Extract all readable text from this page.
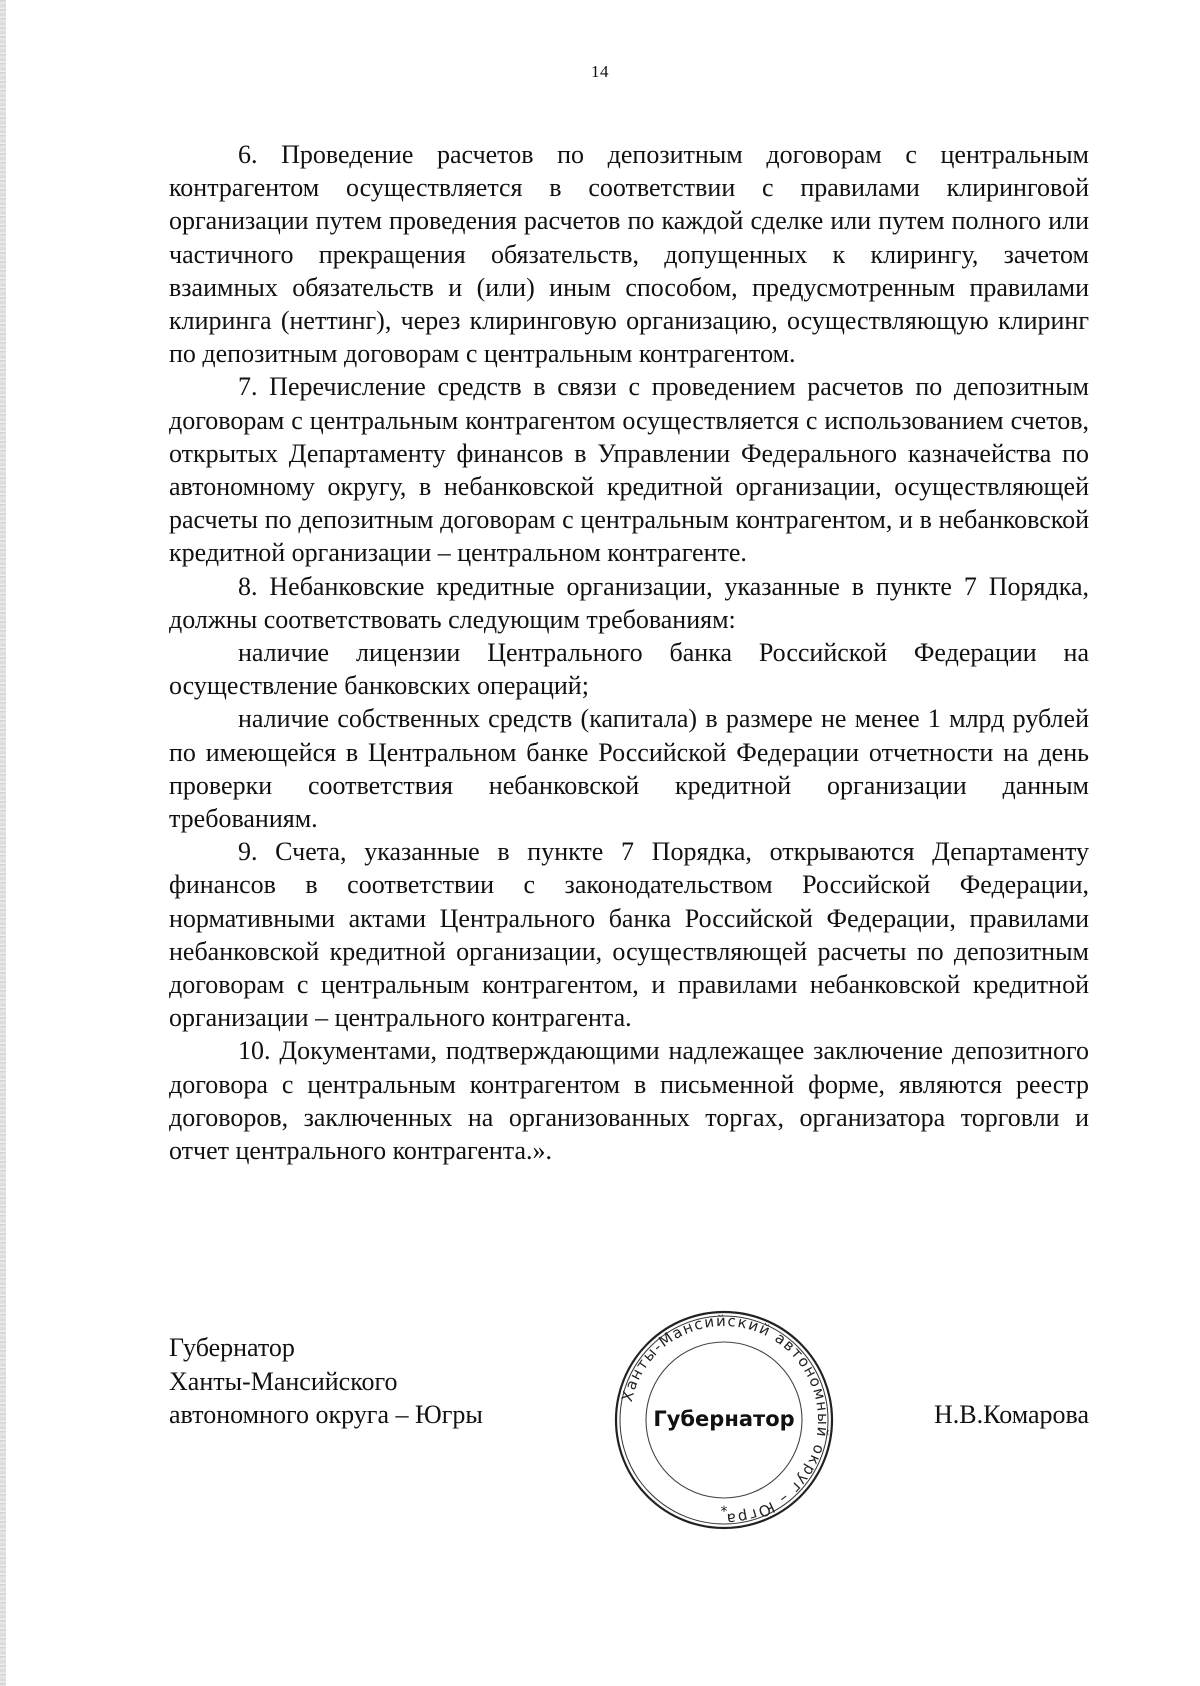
14

6. Проведение расчетов по депозитным договорам с центральным контрагентом осуществляется в соответствии с правилами клиринговой организации путем проведения расчетов по каждой сделке или путем полного или частичного прекращения обязательств, допущенных к клирингу, зачетом взаимных обязательств и (или) иным способом, предусмотренным правилами клиринга (неттинг), через клиринговую организацию, осуществляющую клиринг по депозитным договорам с центральным контрагентом.

7. Перечисление средств в связи с проведением расчетов по депозитным договорам с центральным контрагентом осуществляется с использованием счетов, открытых Департаменту финансов в Управлении Федерального казначейства по автономному округу, в небанковской кредитной организации, осуществляющей расчеты по депозитным договорам с центральным контрагентом, и в небанковской кредитной организации – центральном контрагенте.

8. Небанковские кредитные организации, указанные в пункте 7 Порядка, должны соответствовать следующим требованиям:

наличие лицензии Центрального банка Российской Федерации на осуществление банковских операций;

наличие собственных средств (капитала) в размере не менее 1 млрд рублей по имеющейся в Центральном банке Российской Федерации отчетности на день проверки соответствия небанковской кредитной организации данным требованиям.

9. Счета, указанные в пункте 7 Порядка, открываются Департаменту финансов в соответствии с законодательством Российской Федерации, нормативными актами Центрального банка Российской Федерации, правилами небанковской кредитной организации, осуществляющей расчеты по депозитным договорам с центральным контрагентом, и правилами небанковской кредитной организации – центрального контрагента.

10. Документами, подтверждающими надлежащее заключение депозитного договора с центральным контрагентом в письменной форме, являются реестр договоров, заключенных на организованных торгах, организатора торговли и отчет центрального контрагента.».

Губернатор
Ханты-Мансийского
автономного округа – Югры
Ханты-Мансийский автономный округ – Югра
Губернатор
*
Н.В.Комарова
